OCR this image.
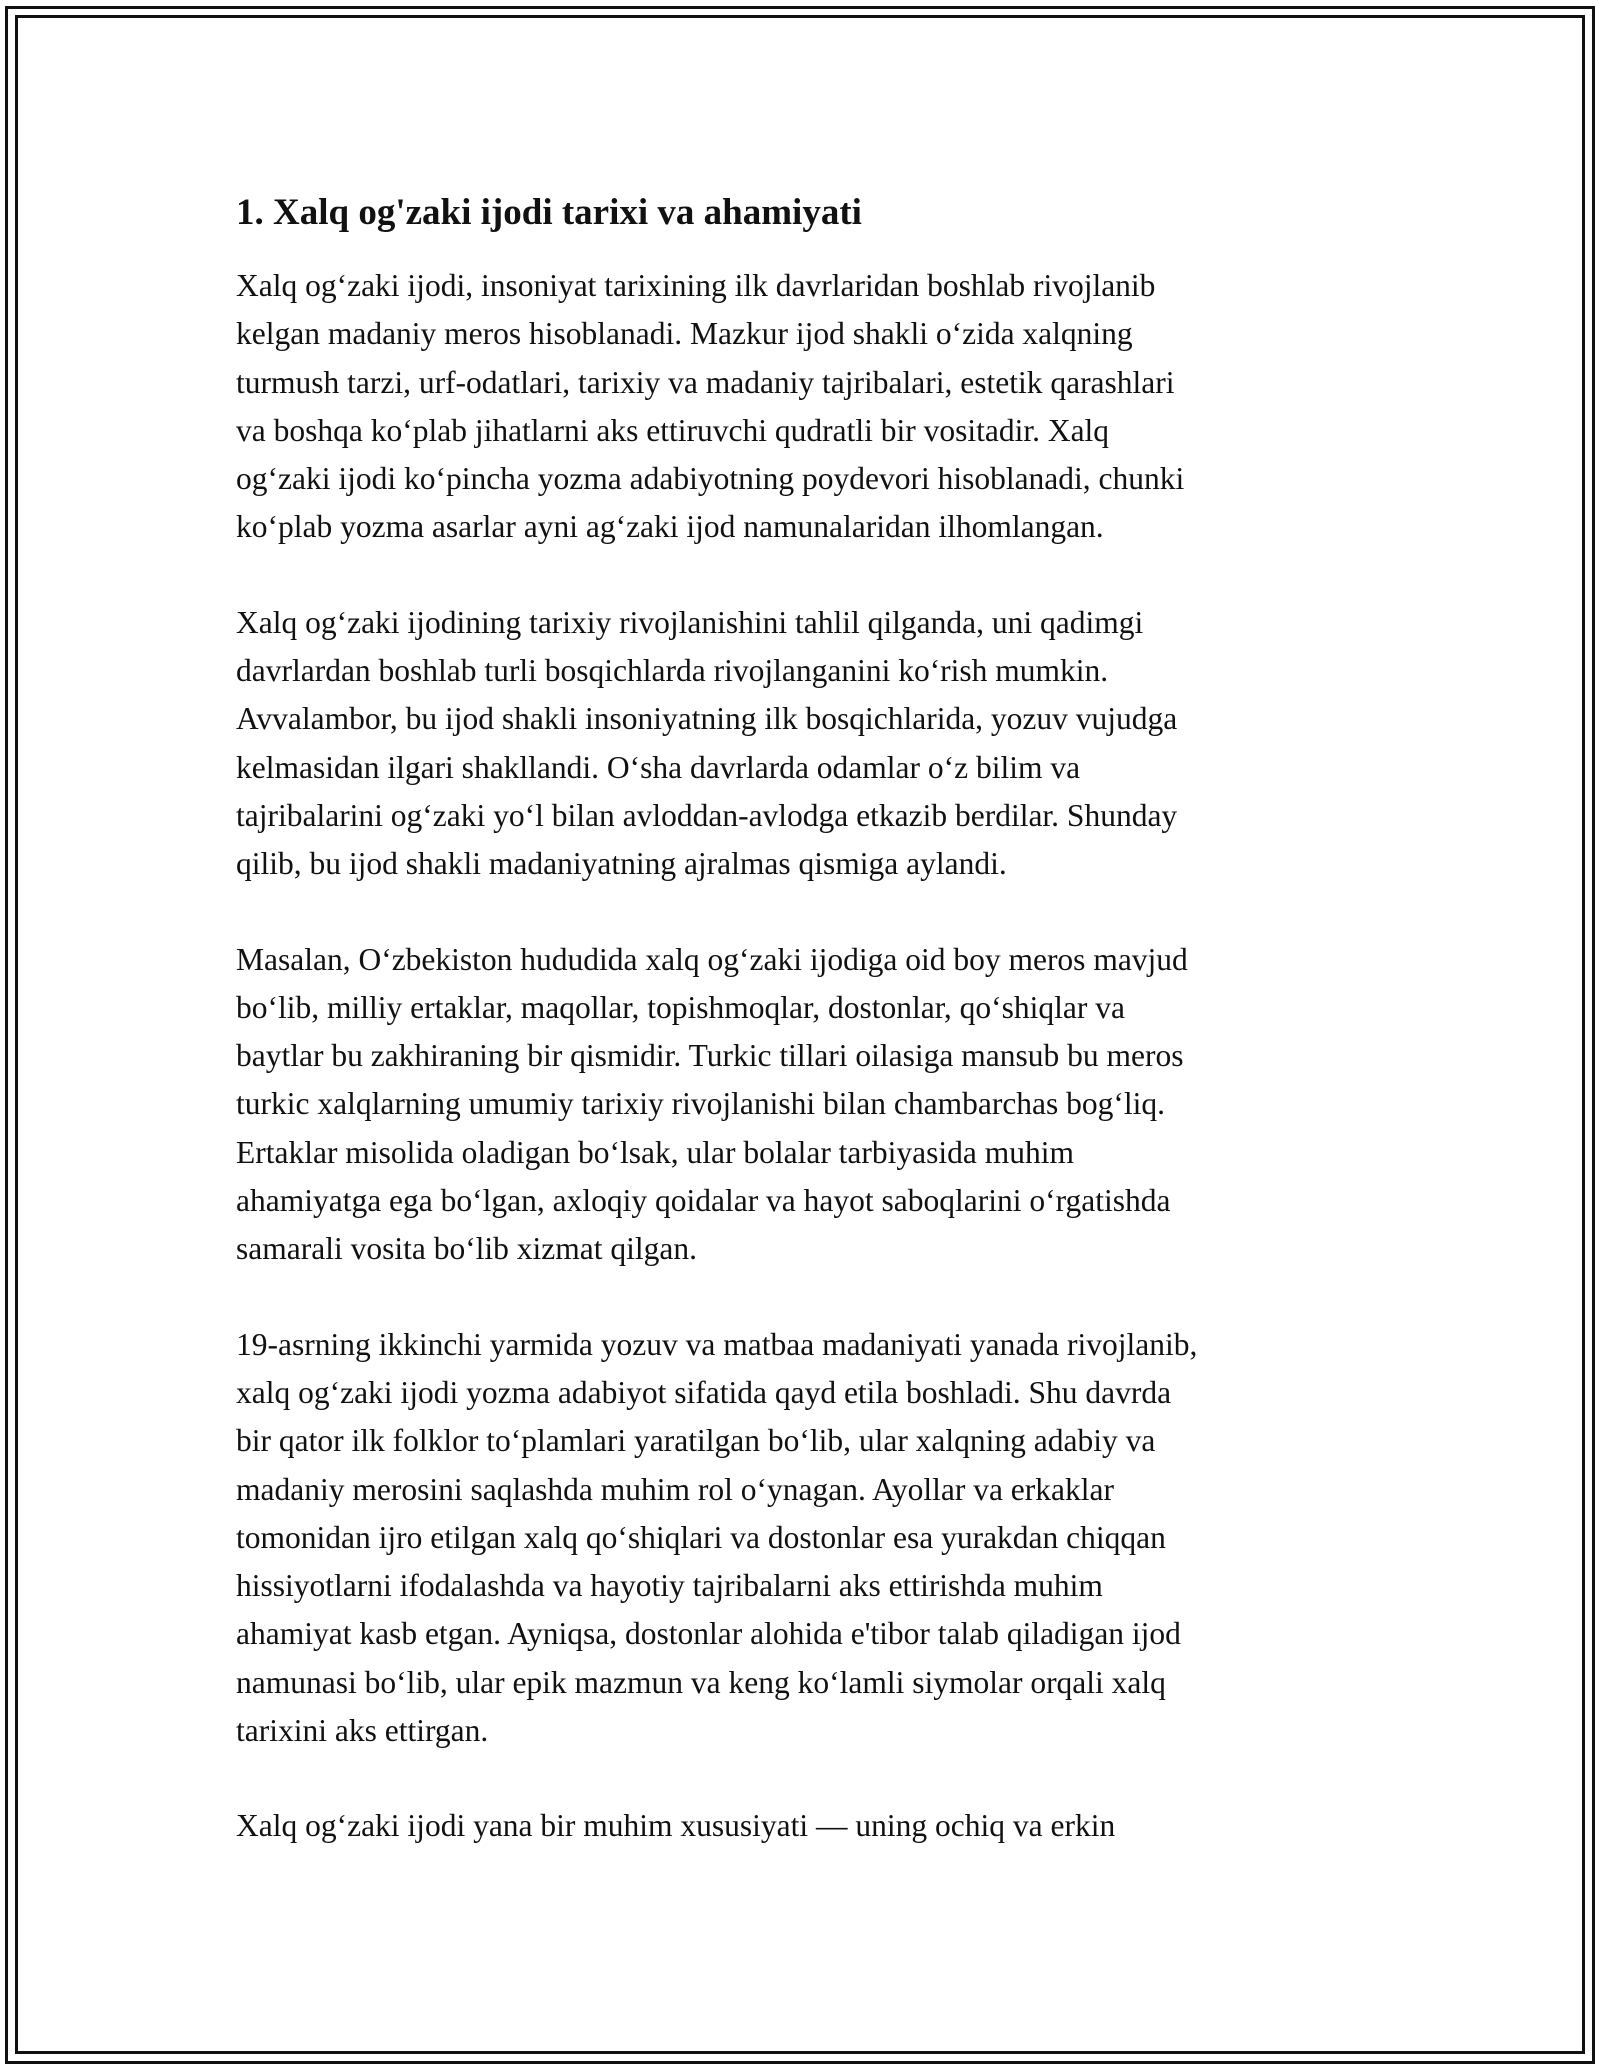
1. Xalq og'zaki ijodi tarixi va ahamiyati

Xalq og‘zaki ijodi, insoniyat tarixining ilk davrlaridan boshlab rivojlanib
kelgan madaniy meros hisoblanadi. Mazkur ijod shakli o‘zida xalqning
turmush tarzi, urf-odatlari, tarixiy va madaniy tajribalari, estetik qarashlari
va boshqa ko‘plab jihatlarni aks ettiruvchi qudratli bir vositadir. Xalq
og‘zaki ijodi ko‘pincha yozma adabiyotning poydevori hisoblanadi, chunki
ko‘plab yozma asarlar ayni ag‘zaki ijod namunalaridan ilhomlangan.

Xalq og‘zaki ijodining tarixiy rivojlanishini tahlil qilganda, uni qadimgi
davrlardan boshlab turli bosqichlarda rivojlanganini ko‘rish mumkin.
Avvalambor, bu ijod shakli insoniyatning ilk bosqichlarida, yozuv vujudga
kelmasidan ilgari shakllandi. O‘sha davrlarda odamlar o‘z bilim va
tajribalarini og‘zaki yo‘l bilan avloddan-avlodga etkazib berdilar. Shunday
qilib, bu ijod shakli madaniyatning ajralmas qismiga aylandi.

Masalan, O‘zbekiston hududida xalq og‘zaki ijodiga oid boy meros mavjud
bo‘lib, milliy ertaklar, maqollar, topishmoqlar, dostonlar, qo‘shiqlar va
baytlar bu zakhiraning bir qismidir. Turkic tillari oilasiga mansub bu meros
turkic xalqlarning umumiy tarixiy rivojlanishi bilan chambarchas bog‘liq.
Ertaklar misolida oladigan bo‘lsak, ular bolalar tarbiyasida muhim
ahamiyatga ega bo‘lgan, axloqiy qoidalar va hayot saboqlarini o‘rgatishda
samarali vosita bo‘lib xizmat qilgan.

19-asrning ikkinchi yarmida yozuv va matbaa madaniyati yanada rivojlanib,
xalq og‘zaki ijodi yozma adabiyot sifatida qayd etila boshladi. Shu davrda
bir qator ilk folklor to‘plamlari yaratilgan bo‘lib, ular xalqning adabiy va
madaniy merosini saqlashda muhim rol o‘ynagan. Ayollar va erkaklar
tomonidan ijro etilgan xalq qo‘shiqlari va dostonlar esa yurakdan chiqqan
hissiyotlarni ifodalashda va hayotiy tajribalarni aks ettirishda muhim
ahamiyat kasb etgan. Ayniqsa, dostonlar alohida e'tibor talab qiladigan ijod
namunasi bo‘lib, ular epik mazmun va keng ko‘lamli siymolar orqali xalq
tarixini aks ettirgan.

Xalq og‘zaki ijodi yana bir muhim xususiyati — uning ochiq va erkin
